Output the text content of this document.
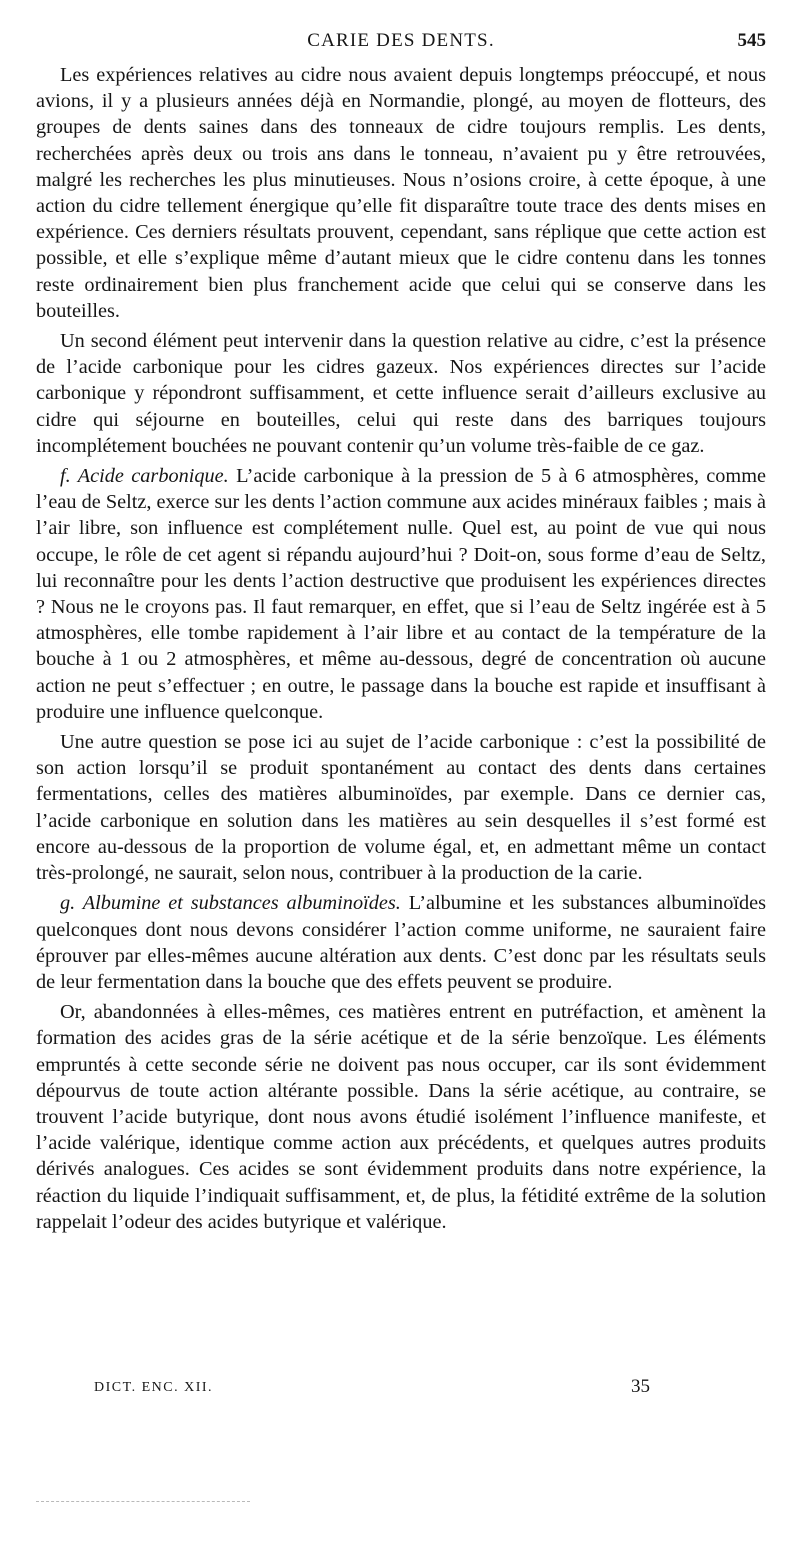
CARIE DES DENTS.	545

Les expériences relatives au cidre nous avaient depuis longtemps préoccupé, et nous avions, il y a plusieurs années déjà en Normandie, plongé, au moyen de flotteurs, des groupes de dents saines dans des tonneaux de cidre toujours remplis. Les dents, recherchées après deux ou trois ans dans le tonneau, n’avaient pu y être retrouvées, malgré les recherches les plus minutieuses. Nous n’osions croire, à cette époque, à une action du cidre tellement énergique qu’elle fit disparaître toute trace des dents mises en expérience. Ces derniers résultats prouvent, cependant, sans réplique que cette action est possible, et elle s’explique même d’autant mieux que le cidre contenu dans les tonnes reste ordinairement bien plus franchement acide que celui qui se conserve dans les bouteilles.

Un second élément peut intervenir dans la question relative au cidre, c’est la présence de l’acide carbonique pour les cidres gazeux. Nos expériences directes sur l’acide carbonique y répondront suffisamment, et cette influence serait d’ailleurs exclusive au cidre qui séjourne en bouteilles, celui qui reste dans des barriques toujours incomplétement bouchées ne pouvant contenir qu’un volume très-faible de ce gaz.

f. Acide carbonique. L’acide carbonique à la pression de 5 à 6 atmosphères, comme l’eau de Seltz, exerce sur les dents l’action commune aux acides minéraux faibles ; mais à l’air libre, son influence est complétement nulle. Quel est, au point de vue qui nous occupe, le rôle de cet agent si répandu aujourd’hui ? Doit-on, sous forme d’eau de Seltz, lui reconnaître pour les dents l’action destructive que produisent les expériences directes ? Nous ne le croyons pas. Il faut remarquer, en effet, que si l’eau de Seltz ingérée est à 5 atmosphères, elle tombe rapidement à l’air libre et au contact de la température de la bouche à 1 ou 2 atmosphères, et même au-dessous, degré de concentration où aucune action ne peut s’effectuer ; en outre, le passage dans la bouche est rapide et insuffisant à produire une influence quelconque.

Une autre question se pose ici au sujet de l’acide carbonique : c’est la possibilité de son action lorsqu’il se produit spontanément au contact des dents dans certaines fermentations, celles des matières albuminoïdes, par exemple. Dans ce dernier cas, l’acide carbonique en solution dans les matières au sein desquelles il s’est formé est encore au-dessous de la proportion de volume égal, et, en admettant même un contact très-prolongé, ne saurait, selon nous, contribuer à la production de la carie.

g. Albumine et substances albuminoïdes. L’albumine et les substances albuminoïdes quelconques dont nous devons considérer l’action comme uniforme, ne sauraient faire éprouver par elles-mêmes aucune altération aux dents. C’est donc par les résultats seuls de leur fermentation dans la bouche que des effets peuvent se produire.

Or, abandonnées à elles-mêmes, ces matières entrent en putréfaction, et amènent la formation des acides gras de la série acétique et de la série benzoïque. Les éléments empruntés à cette seconde série ne doivent pas nous occuper, car ils sont évidemment dépourvus de toute action altérante possible. Dans la série acétique, au contraire, se trouvent l’acide butyrique, dont nous avons étudié isolément l’influence manifeste, et l’acide valérique, identique comme action aux précédents, et quelques autres produits dérivés analogues. Ces acides se sont évidemment produits dans notre expérience, la réaction du liquide l’indiquait suffisamment, et, de plus, la fétidité extrême de la solution rappelait l’odeur des acides butyrique et valérique.

DICT. ENC. XII.	35
